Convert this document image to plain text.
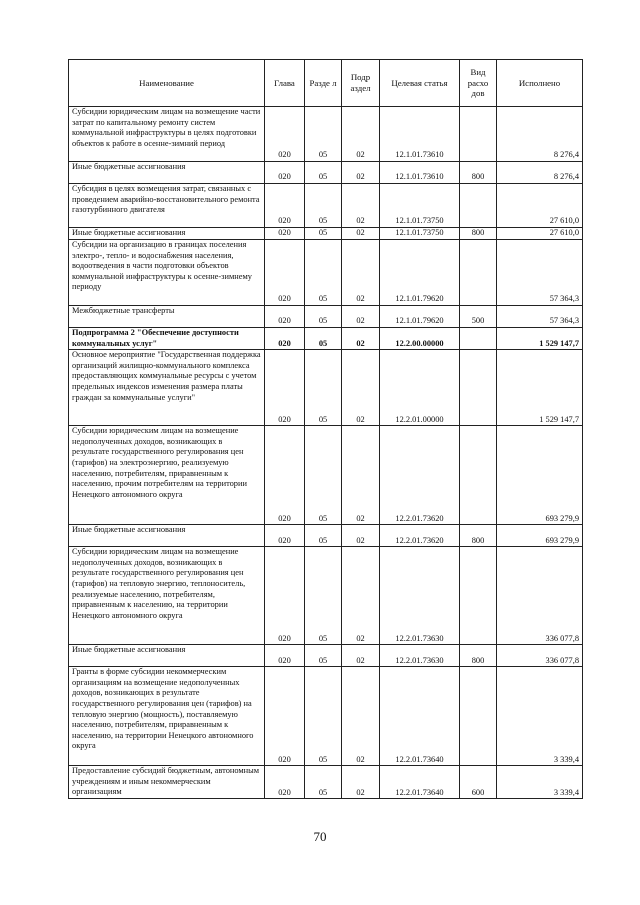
Наименование	Глава	Разде л	Подр аздел	Целевая статья	Вид расхо дов	Исполнено
Субсидии юридическим лицам на возмещение части затрат по капитальному ремонту систем коммунальной инфраструктуры в целях подготовки объектов к работе в осенне-зимний период	020	05	02	12.1.01.73610		8 276,4
Иные бюджетные ассигнования	020	05	02	12.1.01.73610	800	8 276,4
Субсидия в целях возмещения затрат, связанных с проведением аварийно-восстановительного ремонта газотурбинного двигателя	020	05	02	12.1.01.73750		27 610,0
Иные бюджетные ассигнования	020	05	02	12.1.01.73750	800	27 610,0
Субсидии на организацию в границах поселения электро-, тепло- и водоснабжения населения, водоотведения в части подготовки объектов коммунальной инфраструктуры к осенне-зимнему периоду	020	05	02	12.1.01.79620		57 364,3
Межбюджетные трансферты	020	05	02	12.1.01.79620	500	57 364,3
Подпрограмма 2 "Обеспечение доступности коммунальных услуг"	020	05	02	12.2.00.00000		1 529 147,7
Основное мероприятие "Государственная поддержка организаций жилищно-коммунального комплекса предоставляющих коммунальные ресурсы с учетом предельных индексов изменения размера платы граждан за коммунальные услуги"	020	05	02	12.2.01.00000		1 529 147,7
Субсидии юридическим лицам на возмещение недополученных доходов, возникающих в результате государственного регулирования цен (тарифов) на электроэнергию, реализуемую населению, потребителям, приравненным к населению, прочим потребителям на территории Ненецкого автономного округа	020	05	02	12.2.01.73620		693 279,9
Иные бюджетные ассигнования	020	05	02	12.2.01.73620	800	693 279,9
Субсидии юридическим лицам на возмещение недополученных доходов, возникающих в результате государственного регулирования цен (тарифов) на тепловую энергию, теплоноситель, реализуемые населению, потребителям, приравненным к населению, на территории Ненецкого автономного округа	020	05	02	12.2.01.73630		336 077,8
Иные бюджетные ассигнования	020	05	02	12.2.01.73630	800	336 077,8
Гранты в форме субсидии некоммерческим организациям на возмещение недополученных доходов, возникающих в результате государственного регулирования цен (тарифов) на тепловую энергию (мощность), поставляемую населению, потребителям, приравненным к населению, на территории Ненецкого автономного округа	020	05	02	12.2.01.73640		3 339,4
Предоставление субсидий бюджетным, автономным учреждениям и иным некоммерческим организациям	020	05	02	12.2.01.73640	600	3 339,4
70
